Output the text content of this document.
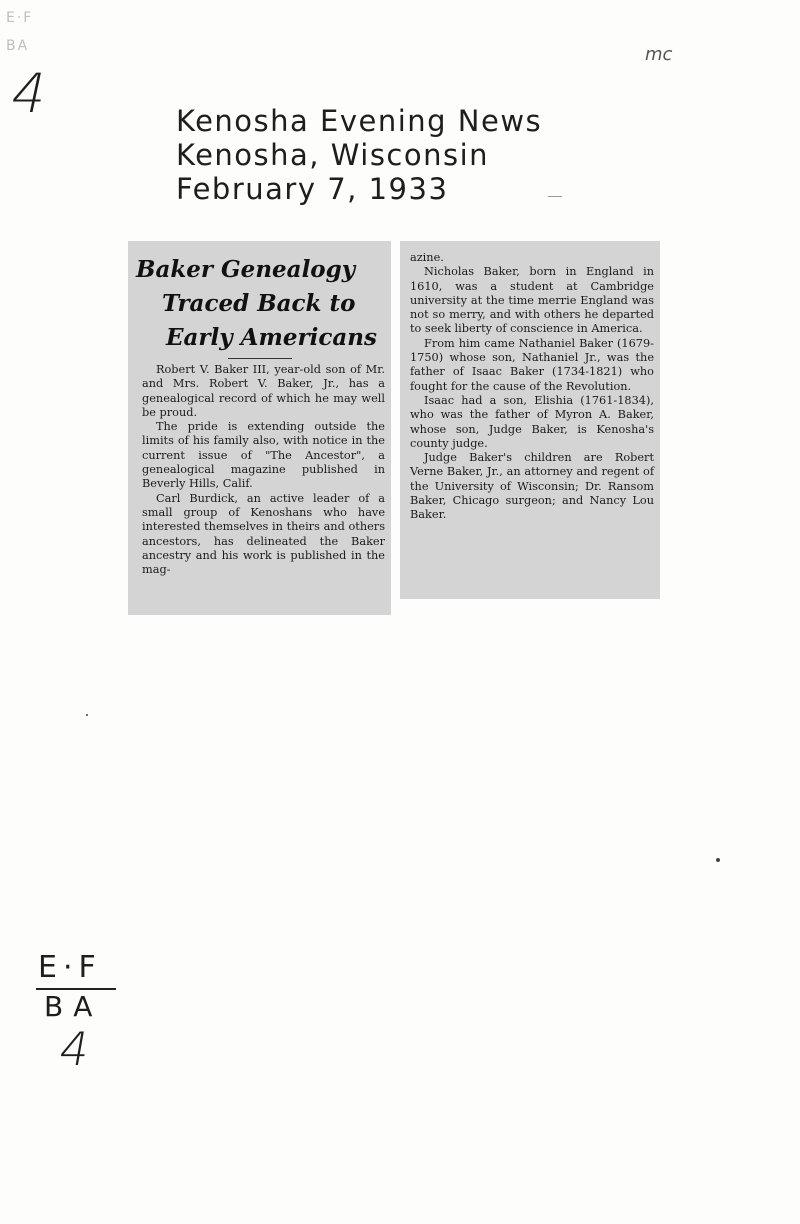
E·F
BA
4
mc
Kenosha Evening News
Kenosha, Wisconsin
February 7, 1933
Baker Genealogy
Traced Back to
Early Americans

Robert V. Baker III, year-old son of Mr. and Mrs. Robert V. Baker, Jr., has a genealogical record of which he may well be proud.

The pride is extending outside the limits of his family also, with notice in the current issue of "The Ancestor", a genealogical magazine published in Beverly Hills, Calif.

Carl Burdick, an active leader of a small group of Kenoshans who have interested themselves in theirs and others ancestors, has delineated the Baker ancestry and his work is published in the mag-

azine.

Nicholas Baker, born in England in 1610, was a student at Cambridge university at the time merrie England was not so merry, and with others he departed to seek liberty of conscience in America.

From him came Nathaniel Baker (1679-1750) whose son, Nathaniel Jr., was the father of Isaac Baker (1734-1821) who fought for the cause of the Revolution.

Isaac had a son, Elishia (1761-1834), who was the father of Myron A. Baker, whose son, Judge Baker, is Kenosha's county judge.

Judge Baker's children are Robert Verne Baker, Jr., an attorney and regent of the University of Wisconsin; Dr. Ransom Baker, Chicago surgeon; and Nancy Lou Baker.

E·F
BA
4
